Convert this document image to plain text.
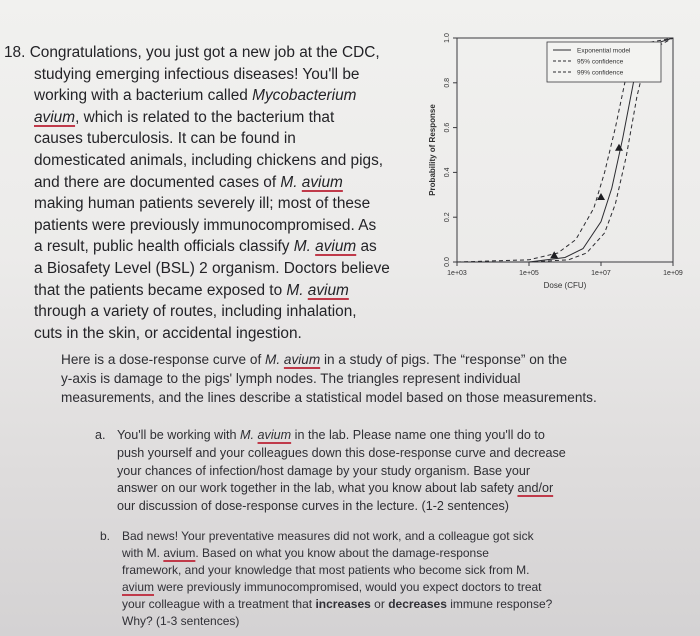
18. Congratulations, you just got a new job at the CDC,
studying emerging infectious diseases! You'll be
working with a bacterium called Mycobacterium
avium, which is related to the bacterium that
causes tuberculosis. It can be found in
domesticated animals, including chickens and pigs,
and there are documented cases of M. avium
making human patients severely ill; most of these
patients were previously immunocompromised. As
a result, public health officials classify M. avium as
a Biosafety Level (BSL) 2 organism. Doctors believe
that the patients became exposed to M. avium
through a variety of routes, including inhalation,
cuts in the skin, or accidental ingestion.
0.0
0.2
0.4
0.6
0.8
1.0
1e+03	1e+05	1e+07	1e+09
Dose (CFU)
Probability of Response
Exponential model
95% confidence
99% confidence
Here is a dose-response curve of M. avium in a study of pigs. The “response” on the
y-axis is damage to the pigs' lymph nodes. The triangles represent individual
measurements, and the lines describe a statistical model based on those measurements.
a. You'll be working with M. avium in the lab. Please name one thing you'll do to
push yourself and your colleagues down this dose-response curve and decrease
your chances of infection/host damage by your study organism. Base your
answer on our work together in the lab, what you know about lab safety and/or
our discussion of dose-response curves in the lecture. (1-2 sentences)
b. Bad news! Your preventative measures did not work, and a colleague got sick
with M. avium. Based on what you know about the damage-response
framework, and your knowledge that most patients who become sick from M.
avium were previously immunocompromised, would you expect doctors to treat
your colleague with a treatment that increases or decreases immune response?
Why? (1-3 sentences)
